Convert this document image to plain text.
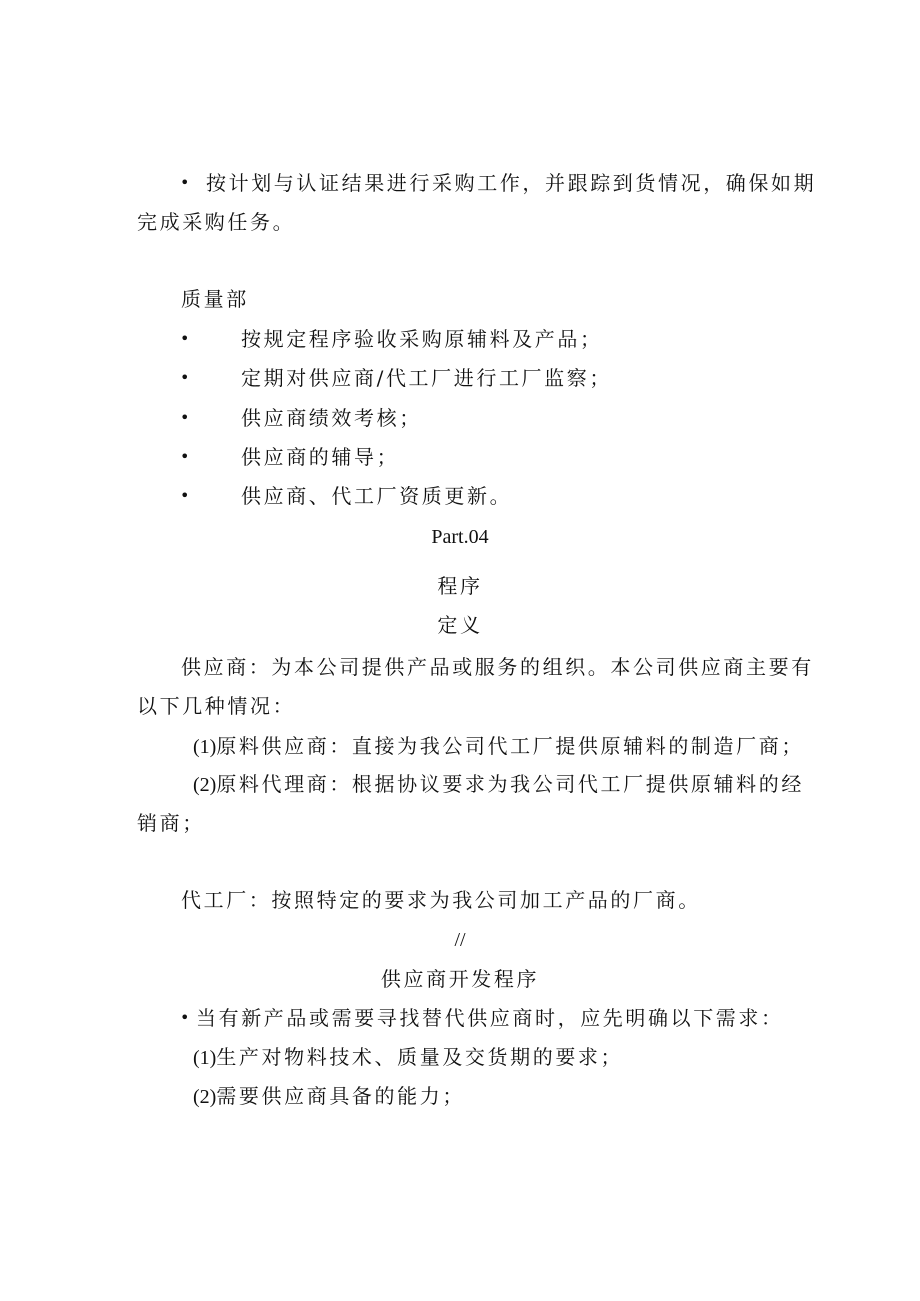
• 按计划与认证结果进行采购工作，并跟踪到货情况，确保如期
完成采购任务。
质量部
•	按规定程序验收采购原辅料及产品；
•	定期对供应商/代工厂进行工厂监察；
•	供应商绩效考核；
•	供应商的辅导；
•	供应商、代工厂资质更新。
Part.04
程序
定义
供应商：为本公司提供产品或服务的组织。本公司供应商主要有
以下几种情况：
(1)原料供应商：直接为我公司代工厂提供原辅料的制造厂商；
(2)原料代理商：根据协议要求为我公司代工厂提供原辅料的经
销商；
代工厂：按照特定的要求为我公司加工产品的厂商。
//
供应商开发程序
• 当有新产品或需要寻找替代供应商时，应先明确以下需求：
(1)生产对物料技术、质量及交货期的要求；
(2)需要供应商具备的能力；
